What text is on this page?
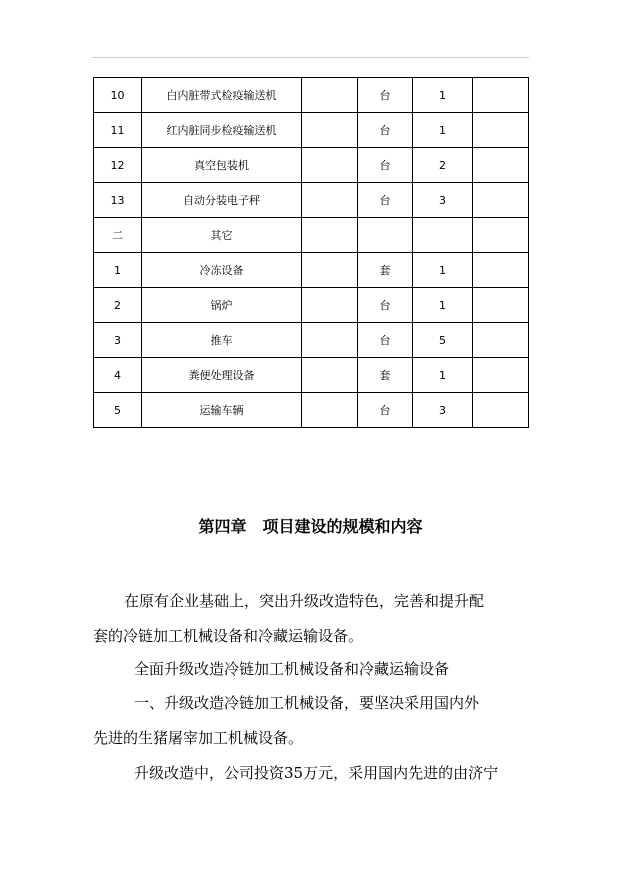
10	白内脏带式检疫输送机		台	1	
11	红内脏同步检疫输送机		台	1	
12	真空包装机		台	2	
13	自动分装电子秤		台	3	
二	其它				
1	冷冻设备		套	1	
2	锅炉		台	1	
3	推车		台	5	
4	粪便处理设备		套	1	
5	运输车辆		台	3	
第四章　项目建设的规模和内容
在原有企业基础上，突出升级改造特色，完善和提升配
套的冷链加工机械设备和冷藏运输设备。
全面升级改造冷链加工机械设备和冷藏运输设备
一、升级改造冷链加工机械设备，要坚决采用国内外
先进的生猪屠宰加工机械设备。
升级改造中，公司投资35万元，采用国内先进的由济宁
